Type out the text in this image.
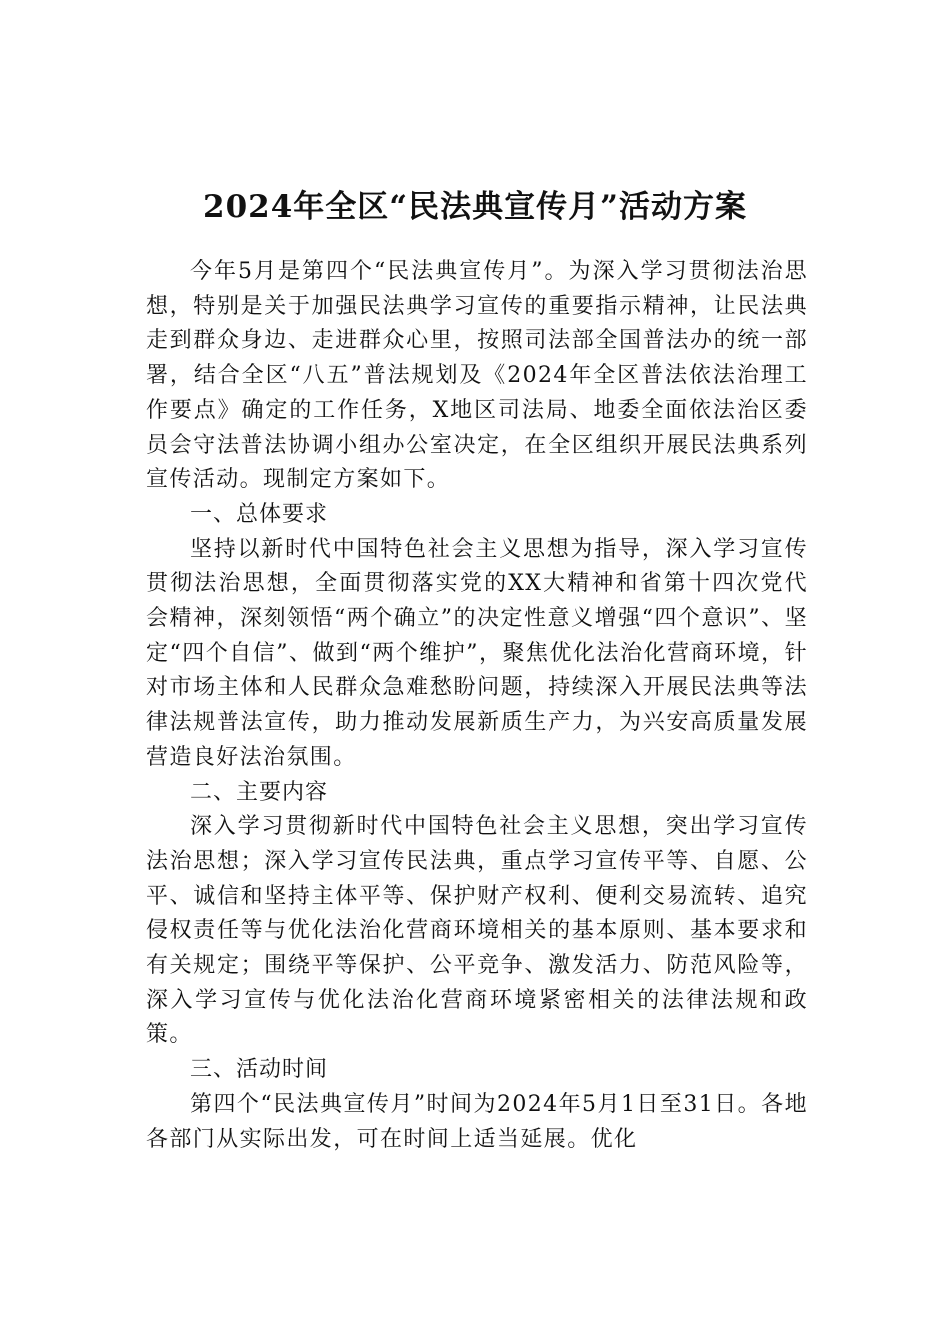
2024年全区“民法典宣传月”活动方案

今年5月是第四个“民法典宣传月”。为深入学习贯彻法治思想，特别是关于加强民法典学习宣传的重要指示精神，让民法典走到群众身边、走进群众心里，按照司法部全国普法办的统一部署，结合全区“八五”普法规划及《2024年全区普法依法治理工作要点》确定的工作任务，X地区司法局、地委全面依法治区委员会守法普法协调小组办公室决定，在全区组织开展民法典系列宣传活动。现制定方案如下。

一、总体要求

坚持以新时代中国特色社会主义思想为指导，深入学习宣传贯彻法治思想，全面贯彻落实党的XX大精神和省第十四次党代会精神，深刻领悟“两个确立”的决定性意义增强“四个意识”、坚定“四个自信”、做到“两个维护”，聚焦优化法治化营商环境，针对市场主体和人民群众急难愁盼问题，持续深入开展民法典等法律法规普法宣传，助力推动发展新质生产力，为兴安高质量发展营造良好法治氛围。

二、主要内容

深入学习贯彻新时代中国特色社会主义思想，突出学习宣传法治思想；深入学习宣传民法典，重点学习宣传平等、自愿、公平、诚信和坚持主体平等、保护财产权利、便利交易流转、追究侵权责任等与优化法治化营商环境相关的基本原则、基本要求和有关规定；围绕平等保护、公平竞争、激发活力、防范风险等，深入学习宣传与优化法治化营商环境紧密相关的法律法规和政策。

三、活动时间

第四个“民法典宣传月”时间为2024年5月1日至31日。各地各部门从实际出发，可在时间上适当延展。优化
